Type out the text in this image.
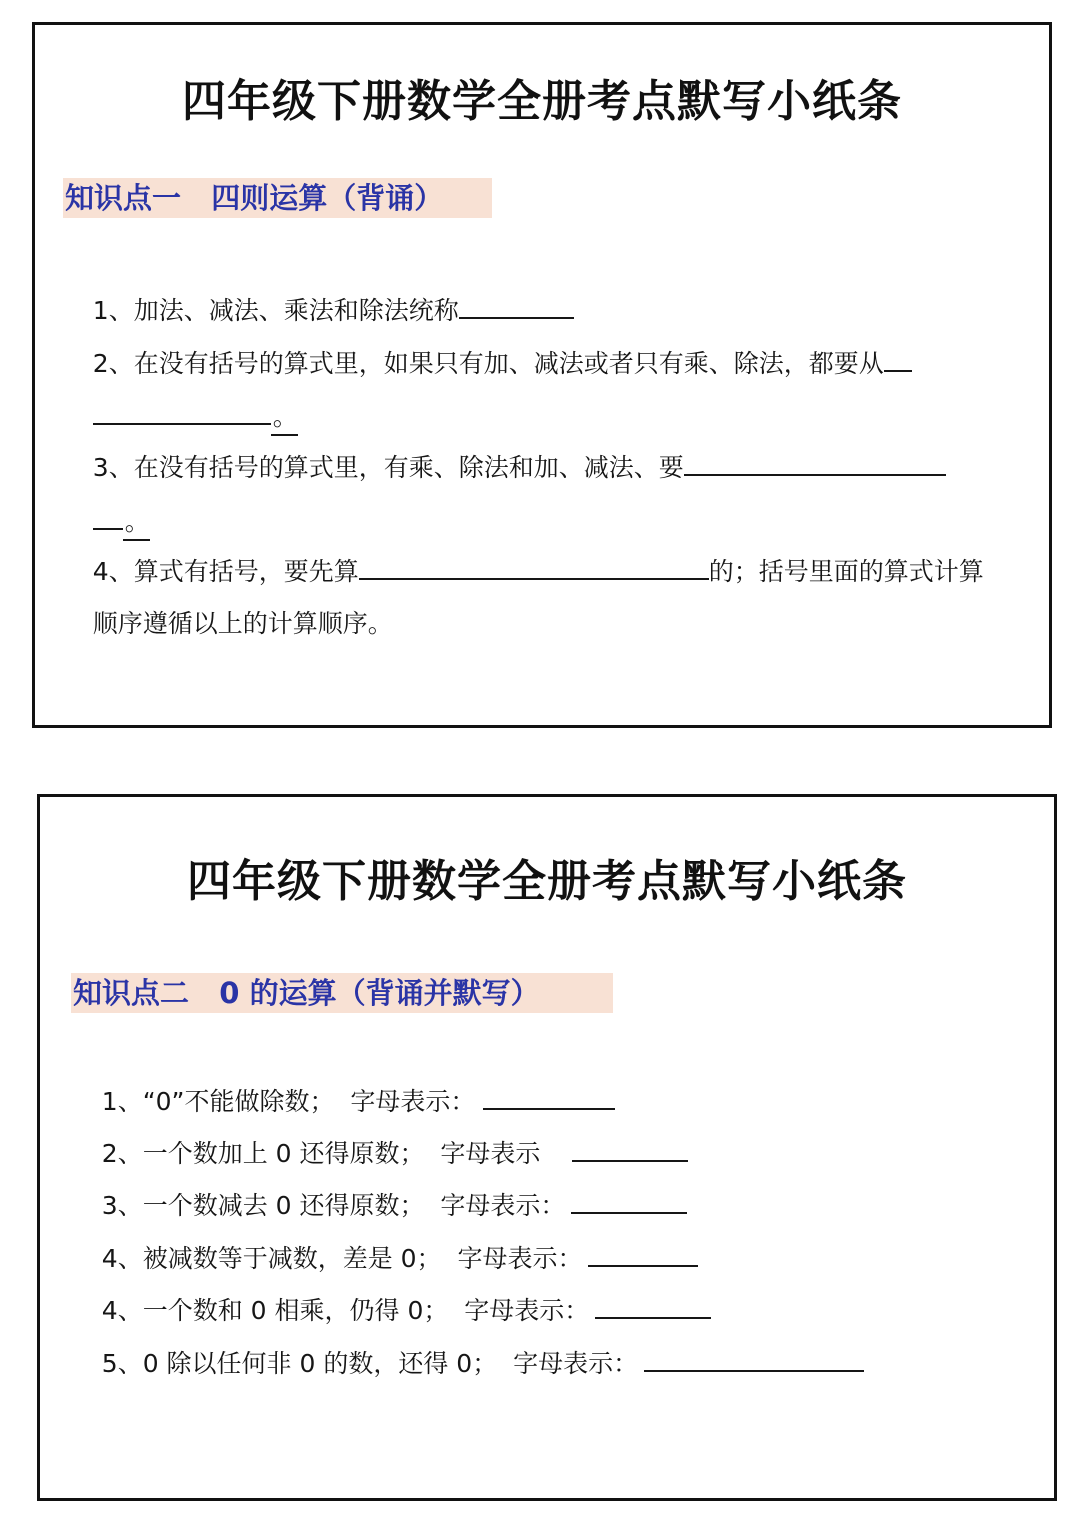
四年级下册数学全册考点默写小纸条
知识点一   四则运算（背诵）

1、加法、减法、乘法和除法统称

2、在没有括号的算式里，如果只有加、减法或者只有乘、除法，都要从

。

3、在没有括号的算式里，有乘、除法和加、减法、要

。

4、算式有括号，要先算	的；括号里面的算式计算

顺序遵循以上的计算顺序。

四年级下册数学全册考点默写小纸条
知识点二   0 的运算（背诵并默写）

1、“0”不能做除数；  字母表示：

2、一个数加上 0 还得原数；  字母表示

3、一个数减去 0 还得原数；  字母表示：

4、被减数等于减数，差是 0；  字母表示：

4、一个数和 0 相乘，仍得 0；  字母表示：

5、0 除以任何非 0 的数，还得 0；  字母表示：
